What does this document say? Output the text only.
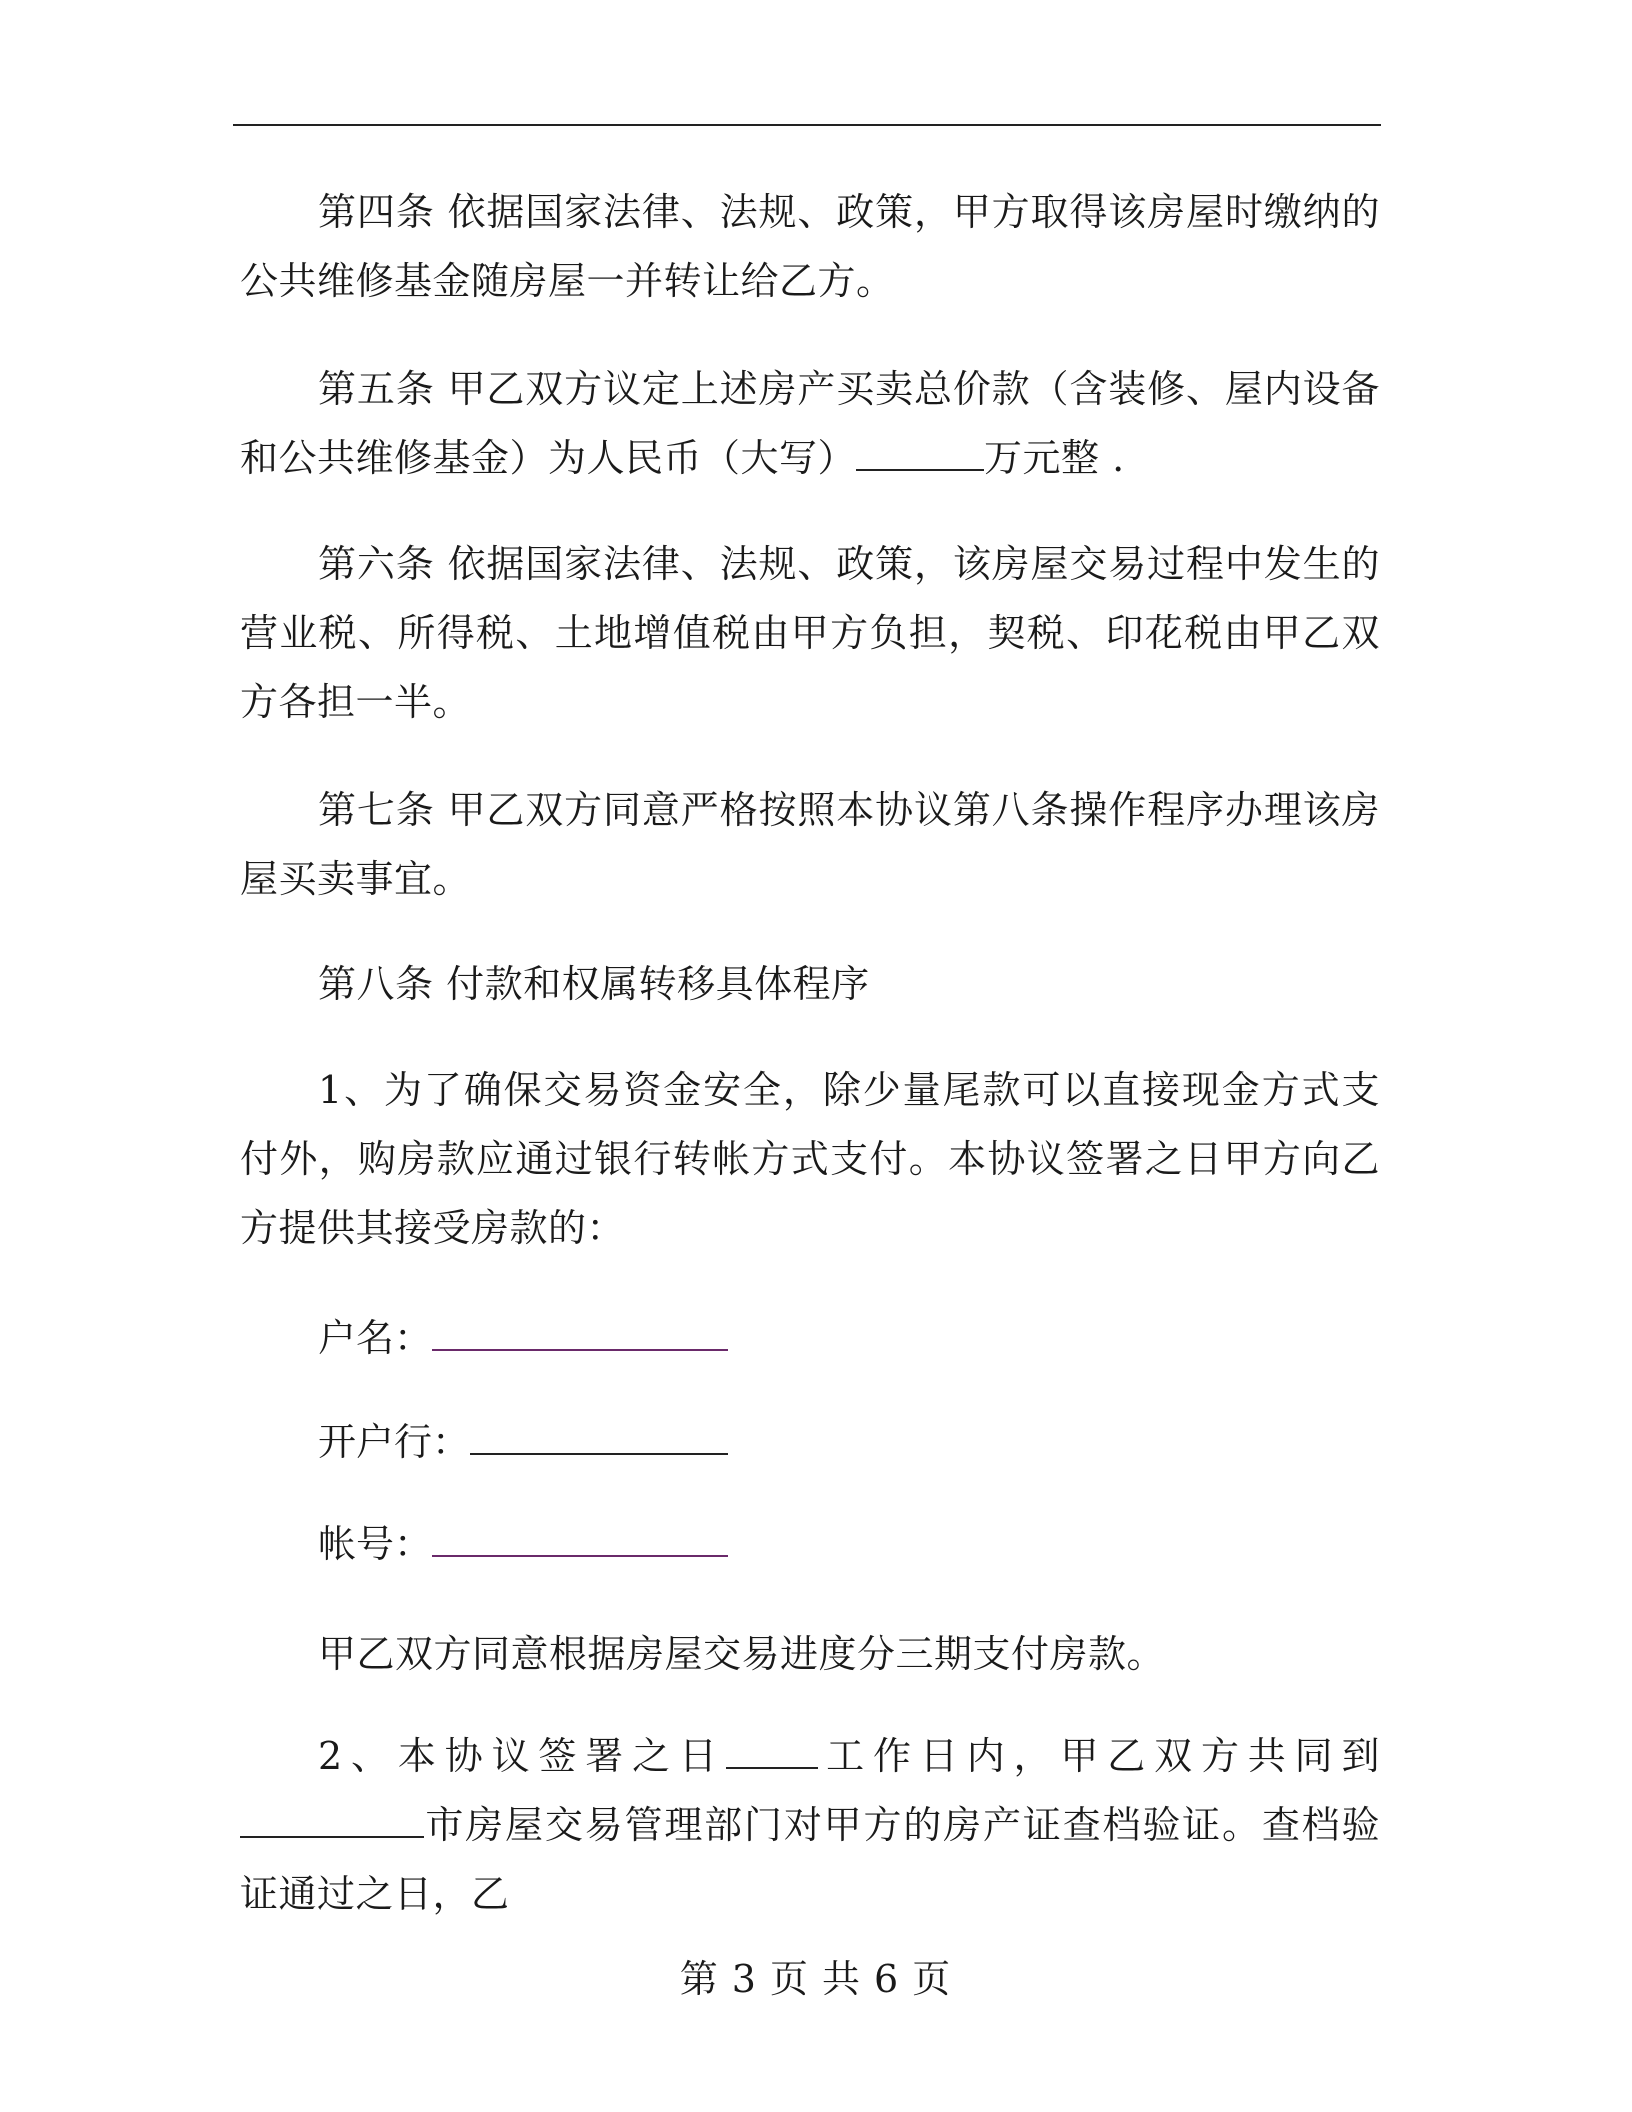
第四条 依据国家法律、法规、政策，甲方取得该房屋时缴纳的公共维修基金随房屋一并转让给乙方。

第五条 甲乙双方议定上述房产买卖总价款（含装修、屋内设备和公共维修基金）为人民币（大写）	万元整 .

第六条 依据国家法律、法规、政策，该房屋交易过程中发生的营业税、所得税、土地增值税由甲方负担，契税、印花税由甲乙双方各担一半。

第七条 甲乙双方同意严格按照本协议第八条操作程序办理该房屋买卖事宜。

第八条 付款和权属转移具体程序

1、为了确保交易资金安全，除少量尾款可以直接现金方式支付外，购房款应通过银行转帐方式支付。本协议签署之日甲方向乙方提供其接受房款的：

户名：
开户行：
帐号：

甲乙双方同意根据房屋交易进度分三期支付房款。

2、本协议签署之日 工作日内，甲乙双方共同到市房屋交易管理部门对甲方的房产证查档验证。查档验证通过之日，乙

第 3 页 共 6 页
